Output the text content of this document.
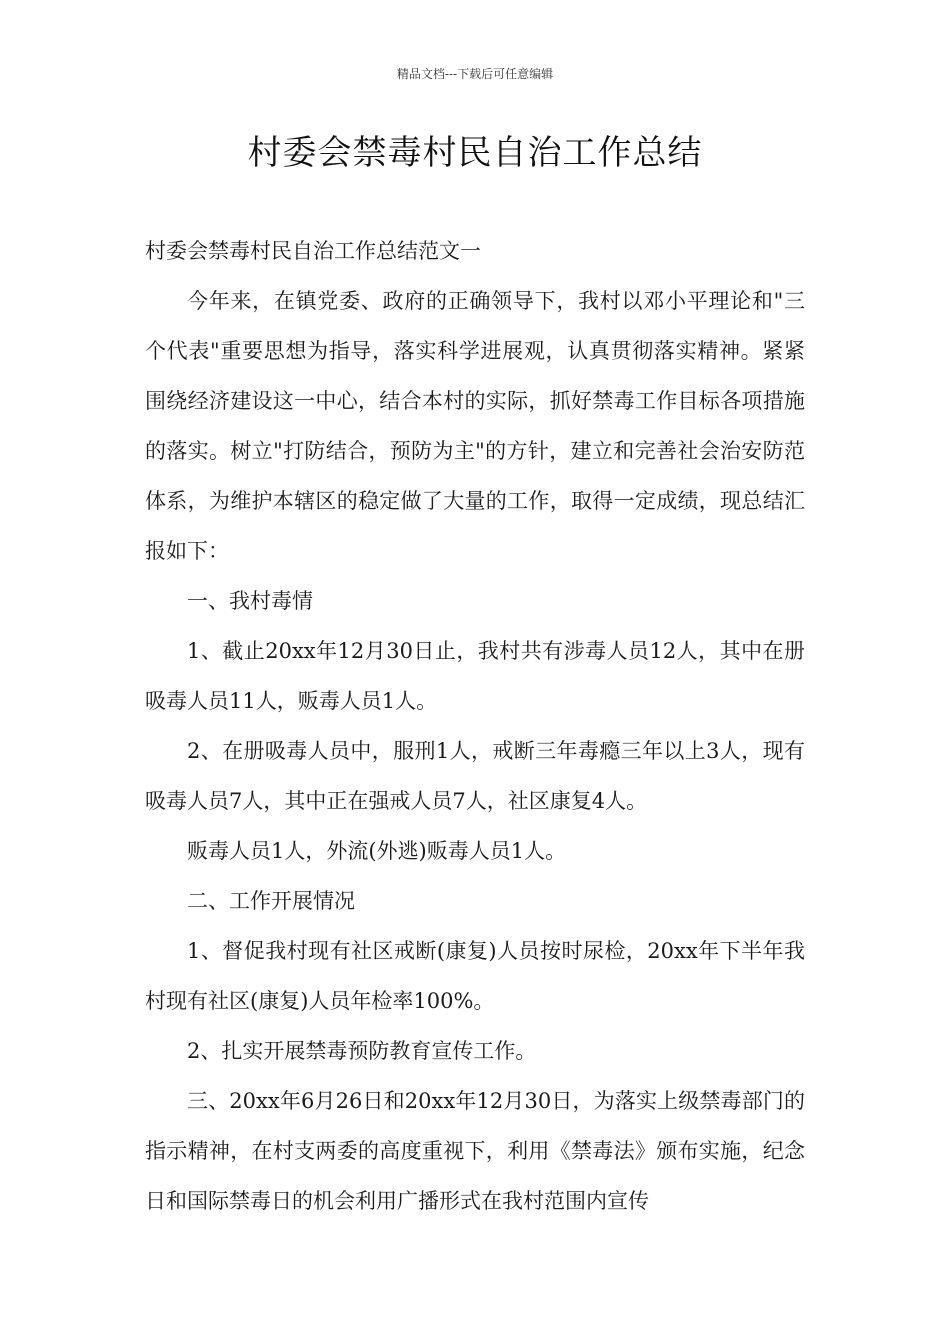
精品文档---下载后可任意编辑
村委会禁毒村民自治工作总结

村委会禁毒村民自治工作总结范文一

今年来，在镇党委、政府的正确领导下，我村以邓小平理论和"三个代表"重要思想为指导，落实科学进展观，认真贯彻落实精神。紧紧围绕经济建设这一中心，结合本村的实际，抓好禁毒工作目标各项措施的落实。树立"打防结合，预防为主"的方针，建立和完善社会治安防范体系，为维护本辖区的稳定做了大量的工作，取得一定成绩，现总结汇报如下：

一、我村毒情

1、截止20xx年12月30日止，我村共有涉毒人员12人，其中在册吸毒人员11人，贩毒人员1人。

2、在册吸毒人员中，服刑1人，戒断三年毒瘾三年以上3人，现有吸毒人员7人，其中正在强戒人员7人，社区康复4人。

贩毒人员1人，外流(外逃)贩毒人员1人。

二、工作开展情况

1、督促我村现有社区戒断(康复)人员按时尿检，20xx年下半年我村现有社区(康复)人员年检率100%。

2、扎实开展禁毒预防教育宣传工作。

三、20xx年6月26日和20xx年12月30日，为落实上级禁毒部门的指示精神，在村支两委的高度重视下，利用《禁毒法》颁布实施，纪念日和国际禁毒日的机会利用广播形式在我村范围内宣传
